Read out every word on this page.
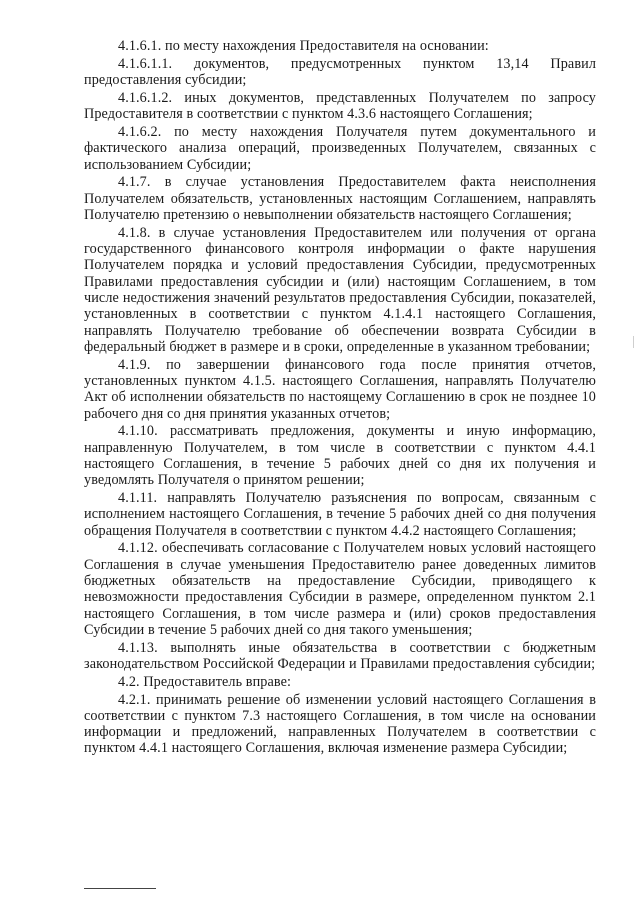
4.1.6.1. по месту нахождения Предоставителя на основании:

4.1.6.1.1. документов, предусмотренных пунктом 13,14 Правил предоставления субсидии;

4.1.6.1.2. иных документов, представленных Получателем по запросу Предоставителя в соответствии с пунктом 4.3.6 настоящего Соглашения;

4.1.6.2. по месту нахождения Получателя путем документального и фактического анализа операций, произведенных Получателем, связанных с использованием Субсидии;

4.1.7. в случае установления Предоставителем факта неисполнения Получателем обязательств, установленных настоящим Соглашением, направлять Получателю претензию о невыполнении обязательств настоящего Соглашения;

4.1.8. в случае установления Предоставителем или получения от органа государственного финансового контроля информации о факте нарушения Получателем порядка и условий предоставления Субсидии, предусмотренных Правилами предоставления субсидии и (или) настоящим Соглашением, в том числе недостижения значений результатов предоставления Субсидии, показателей, установленных в соответствии с пунктом 4.1.4.1 настоящего Соглашения, направлять Получателю требование об обеспечении возврата Субсидии в федеральный бюджет в размере и в сроки, определенные в указанном требовании;

4.1.9. по завершении финансового года после принятия отчетов, установленных пунктом 4.1.5. настоящего Соглашения, направлять Получателю Акт об исполнении обязательств по настоящему Соглашению в срок не позднее 10 рабочего дня со дня принятия указанных отчетов;

4.1.10. рассматривать предложения, документы и иную информацию, направленную Получателем, в том числе в соответствии с пунктом 4.4.1 настоящего Соглашения, в течение 5 рабочих дней со дня их получения и уведомлять Получателя о принятом решении;

4.1.11. направлять Получателю разъяснения по вопросам, связанным с исполнением настоящего Соглашения, в течение 5 рабочих дней со дня получения обращения Получателя в соответствии с пунктом 4.4.2 настоящего Соглашения;

4.1.12. обеспечивать согласование с Получателем новых условий настоящего Соглашения в случае уменьшения Предоставителю ранее доведенных лимитов бюджетных обязательств на предоставление Субсидии, приводящего к невозможности предоставления Субсидии в размере, определенном пунктом 2.1 настоящего Соглашения, в том числе размера и (или) сроков предоставления Субсидии в течение 5 рабочих дней со дня такого уменьшения;

4.1.13. выполнять иные обязательства в соответствии с бюджетным законодательством Российской Федерации и Правилами предоставления субсидии;

4.2. Предоставитель вправе:

4.2.1. принимать решение об изменении условий настоящего Соглашения в соответствии с пунктом 7.3 настоящего Соглашения, в том числе на основании информации и предложений, направленных Получателем в соответствии с пунктом 4.4.1 настоящего Соглашения, включая изменение размера Субсидии;
